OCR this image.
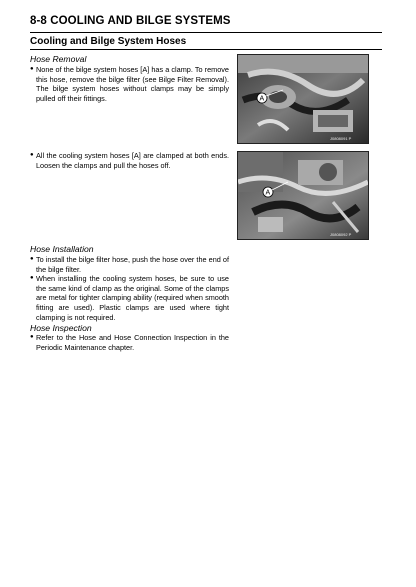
8-8 COOLING AND BILGE SYSTEMS
Cooling and Bilge System Hoses
Hose Removal
● None of the bilge system hoses [A] has a clamp. To remove this hose, remove the bilge filter (see Bilge Filter Removal). The bilge system hoses without clamps may be simply pulled off their fittings.
● All the cooling system hoses [A] are clamped at both ends. Loosen the clamps and pull the hoses off.
A
J0808091 P
A
J0808092 P
Hose Installation
● To install the bilge filter hose, push the hose over the end of the bilge filter.
● When installing the cooling system hoses, be sure to use the same kind of clamp as the original. Some of the clamps are metal for tighter clamping ability (required when smooth fitting are used). Plastic clamps are used where tight clamping is not required.
Hose Inspection
● Refer to the Hose and Hose Connection Inspection in the Periodic Maintenance chapter.
